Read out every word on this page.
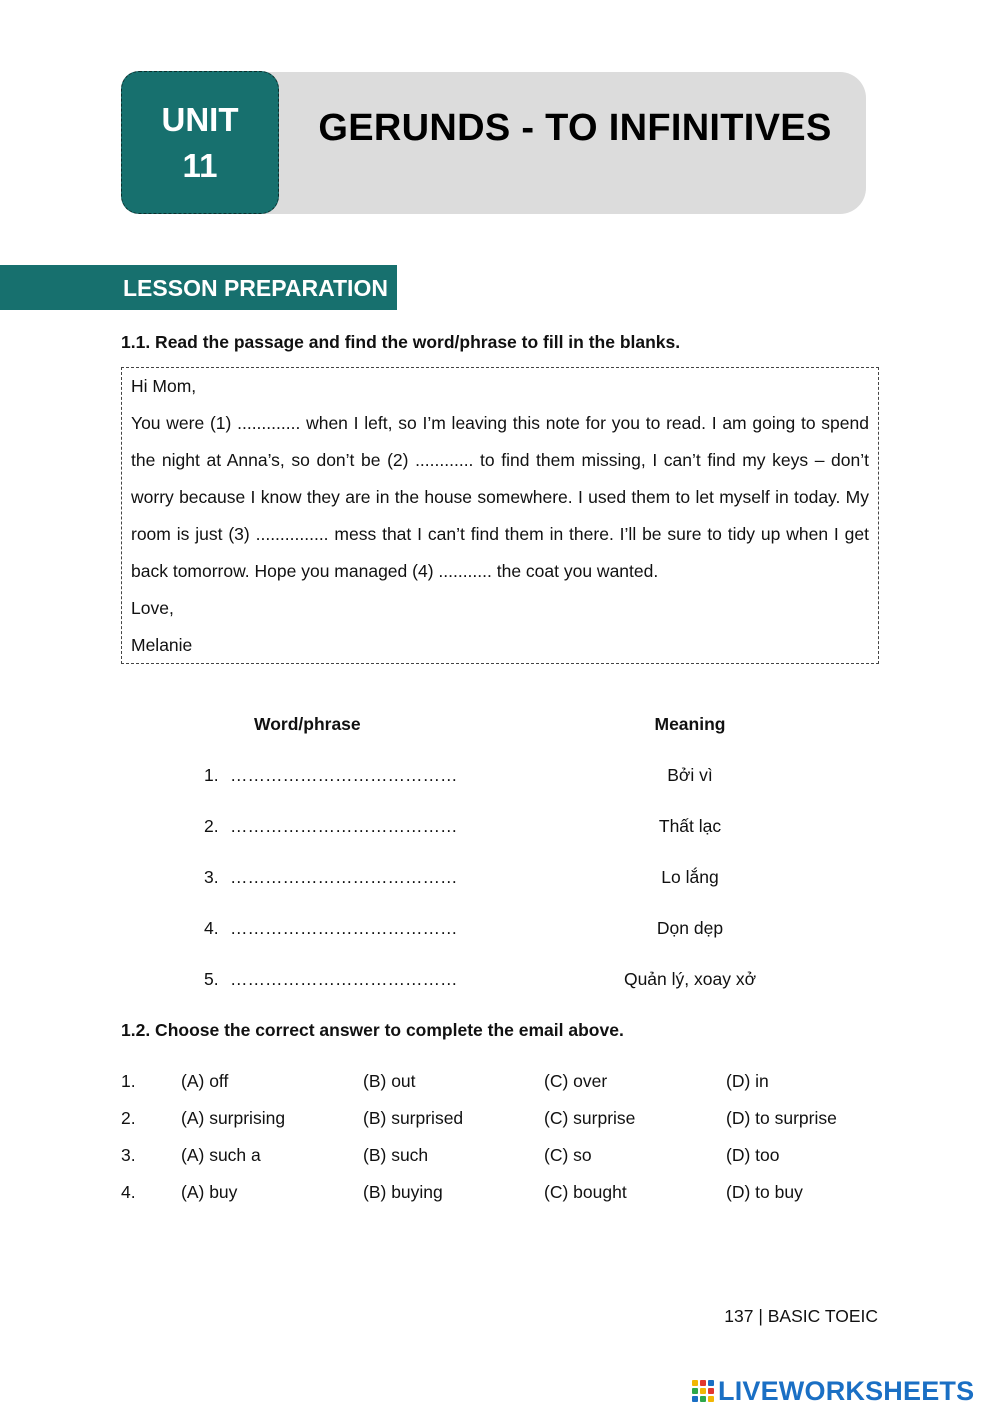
UNIT
11
GERUNDS - TO INFINITIVES
LESSON PREPARATION
1.1. Read the passage and find the word/phrase to fill in the blanks.

Hi Mom,

You were (1) ............. when I left, so I’m leaving this note for you to read. I am going to spend the night at Anna’s, so don’t be (2) ............ to find them missing, I can’t find my keys – don’t worry because I know they are in the house somewhere. I used them to let myself in today. My room is just (3) ............... mess that I can’t find them in there. I’ll be sure to tidy up when I get back tomorrow. Hope you managed (4) ........... the coat you wanted.

Love,

Melanie

Word/phrase	Meaning
1. …………………………………	Bởi vì
2. …………………………………	Thất lạc
3. …………………………………	Lo lắng
4. …………………………………	Dọn dẹp
5. …………………………………	Quản lý, xoay xở
1.2. Choose the correct answer to complete the email above.
1.	(A) off	(B) out	(C) over	(D) in
2.	(A) surprising	(B) surprised	(C) surprise	(D) to surprise
3.	(A) such a	(B) such	(C) so	(D) too
4.	(A) buy	(B) buying	(C) bought	(D) to buy
137 | BASIC TOEIC
LIVEWORKSHEETS
